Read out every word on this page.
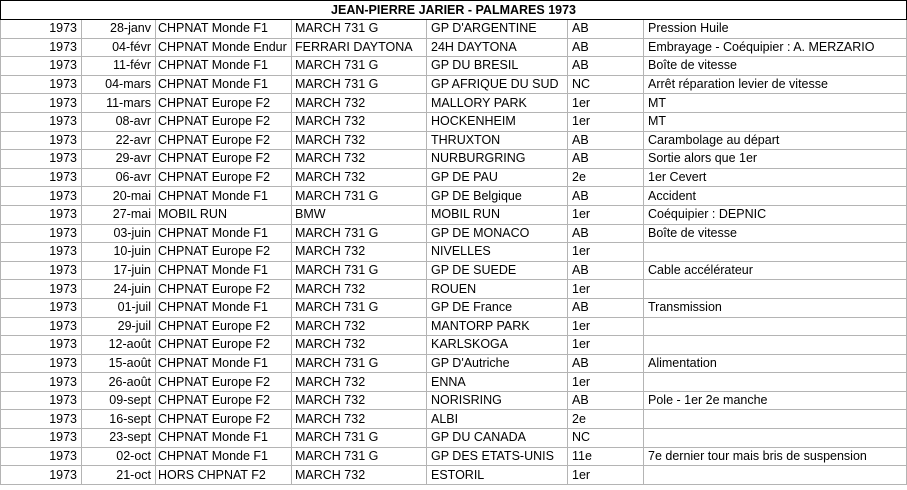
JEAN-PIERRE JARIER - PALMARES 1973						
1973	28-janv	CHPNAT Monde F1	MARCH 731 G	GP D'ARGENTINE	AB	Pression Huile
1973	04-févr	CHPNAT Monde Endur	FERRARI DAYTONA	24H DAYTONA	AB	Embrayage - Coéquipier : A. MERZARIO
1973	11-févr	CHPNAT Monde F1	MARCH 731 G	GP DU BRESIL	AB	Boîte de vitesse
1973	04-mars	CHPNAT Monde F1	MARCH 731 G	GP AFRIQUE DU SUD	NC	Arrêt réparation levier de vitesse
1973	11-mars	CHPNAT Europe F2	MARCH 732	MALLORY PARK	1er	MT
1973	08-avr	CHPNAT Europe F2	MARCH 732	HOCKENHEIM	1er	MT
1973	22-avr	CHPNAT Europe F2	MARCH 732	THRUXTON	AB	Carambolage au départ
1973	29-avr	CHPNAT Europe F2	MARCH 732	NURBURGRING	AB	Sortie alors que 1er
1973	06-avr	CHPNAT Europe F2	MARCH 732	GP DE PAU	2e	1er Cevert
1973	20-mai	CHPNAT Monde F1	MARCH 731 G	GP DE Belgique	AB	Accident
1973	27-mai	MOBIL RUN	BMW	MOBIL RUN	1er	Coéquipier : DEPNIC
1973	03-juin	CHPNAT Monde F1	MARCH 731 G	GP DE MONACO	AB	Boîte de vitesse
1973	10-juin	CHPNAT Europe F2	MARCH 732	NIVELLES	1er	
1973	17-juin	CHPNAT Monde F1	MARCH 731 G	GP DE SUEDE	AB	Cable accélérateur
1973	24-juin	CHPNAT Europe F2	MARCH 732	ROUEN	1er	
1973	01-juil	CHPNAT Monde F1	MARCH 731 G	GP DE France	AB	Transmission
1973	29-juil	CHPNAT Europe F2	MARCH 732	MANTORP PARK	1er	
1973	12-août	CHPNAT Europe F2	MARCH 732	KARLSKOGA	1er	
1973	15-août	CHPNAT Monde F1	MARCH 731 G	GP D'Autriche	AB	Alimentation
1973	26-août	CHPNAT Europe F2	MARCH 732	ENNA	1er	
1973	09-sept	CHPNAT Europe F2	MARCH 732	NORISRING	AB	Pole - 1er 2e manche
1973	16-sept	CHPNAT Europe F2	MARCH 732	ALBI	2e	
1973	23-sept	CHPNAT Monde F1	MARCH 731 G	GP DU CANADA	NC	
1973	02-oct	CHPNAT Monde F1	MARCH 731 G	GP DES ETATS-UNIS	11e	7e dernier tour mais bris de suspension
1973	21-oct	HORS CHPNAT F2	MARCH 732	ESTORIL	1er	
